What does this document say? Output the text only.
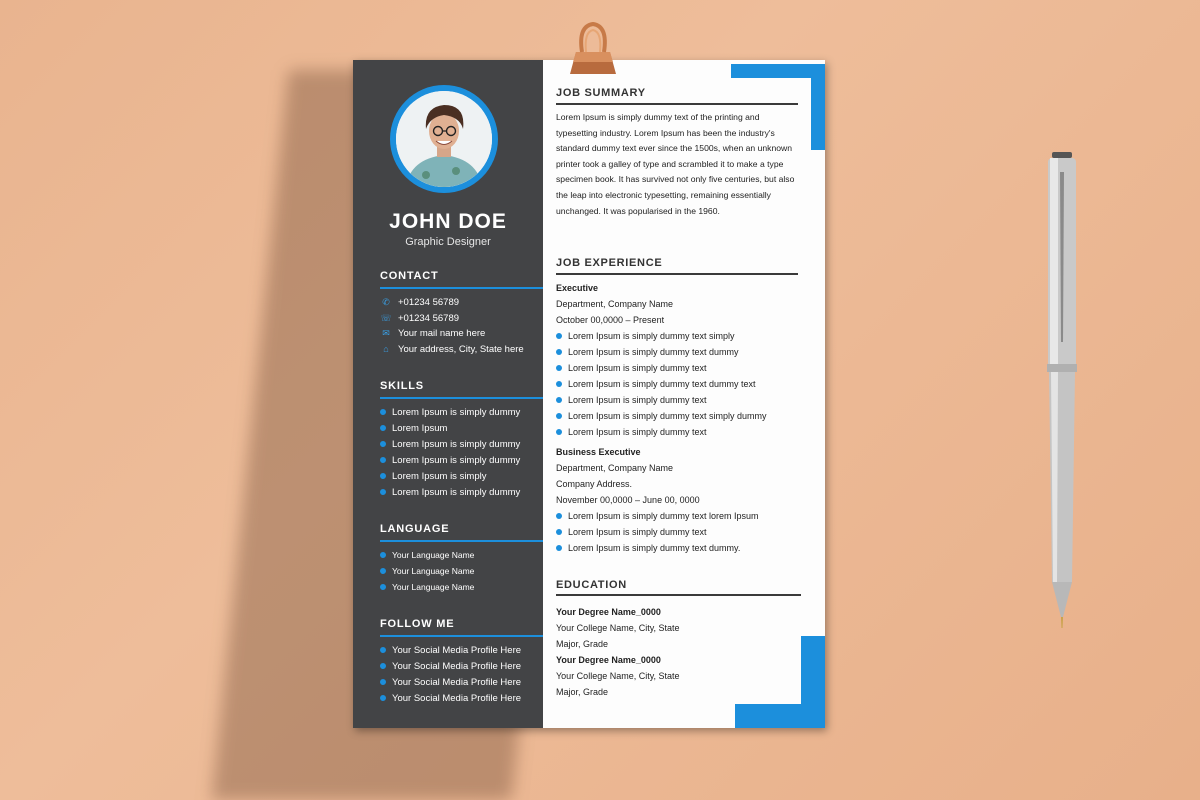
JOHN DOE
Graphic Designer
CONTACT
✆ +01234 56789
☏ +01234 56789
✉ Your mail name here
⌂ Your address, City, State here
SKILLS
Lorem Ipsum is simply dummy
Lorem Ipsum
Lorem Ipsum is simply dummy
Lorem Ipsum is simply dummy
Lorem Ipsum is simply
Lorem Ipsum is simply dummy
LANGUAGE
Your Language Name
Your Language Name
Your Language Name
FOLLOW ME
Your Social Media Profile Here
Your Social Media Profile Here
Your Social Media Profile Here
Your Social Media Profile Here
JOB SUMMARY
Lorem Ipsum is simply dummy text of the printing and typesetting industry. Lorem Ipsum has been the industry's standard dummy text ever since the 1500s, when an unknown printer took a galley of type and scrambled it to make a type specimen book. It has survived not only five centuries, but also the leap into electronic typesetting, remaining essentially unchanged. It was popularised in the 1960.
JOB EXPERIENCE
Executive
Department, Company Name
October 00,0000 – Present
Lorem Ipsum is simply dummy text simply
Lorem Ipsum is simply dummy text dummy
Lorem Ipsum is simply dummy text
Lorem Ipsum is simply dummy text dummy text
Lorem Ipsum is simply dummy text
Lorem Ipsum is simply dummy text simply dummy
Lorem Ipsum is simply dummy text
Business Executive
Department, Company Name
Company Address.
November 00,0000 – June 00, 0000
Lorem Ipsum is simply dummy text lorem Ipsum
Lorem Ipsum is simply dummy text
Lorem Ipsum is simply dummy text dummy.
EDUCATION
Your Degree Name_0000
Your College Name, City, State
Major, Grade
Your Degree Name_0000
Your College Name, City, State
Major, Grade
